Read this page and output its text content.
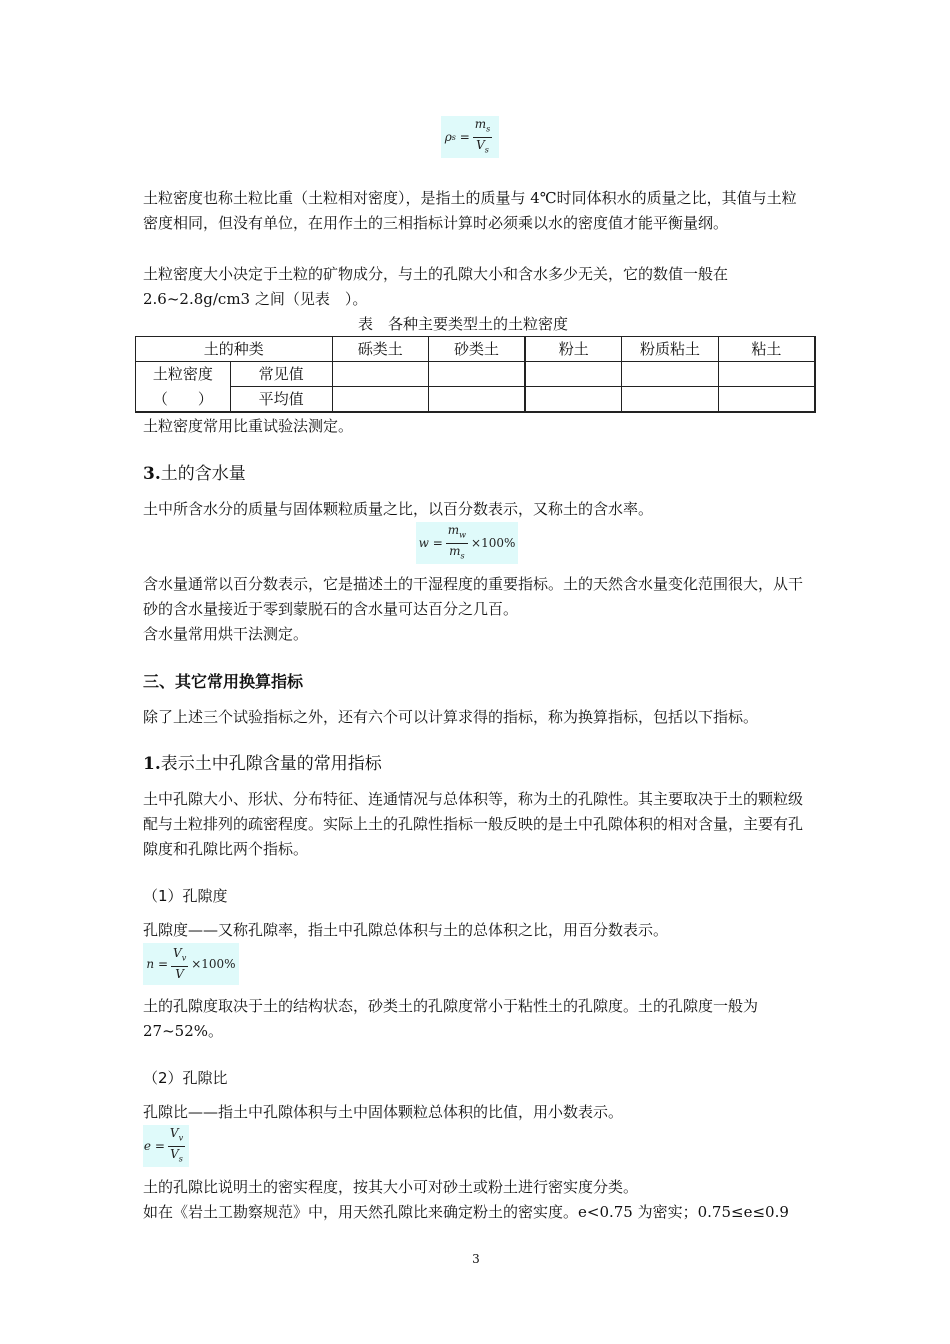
ρ $s = \frac{m_s}{V_s}$
土粒密度也称土粒比重（土粒相对密度），是指土的质量与 4℃时同体积水的质量之比，其值与土粒密度相同，但没有单位，在用作土的三相指标计算时必须乘以水的密度值才能平衡量纲。
土粒密度大小决定于土粒的矿物成分，与土的孔隙大小和含水多少无关，它的数值一般在 2.6~2.8g/cm3 之间（见表　）。
表　各种主要类型土的土粒密度
土的种类		砾类土	砂类土	粉土	粉质粘土	粘土
土粒密度	常见值					
（　　）	平均值					
土粒密度常用比重试验法测定。
3.土的含水量
土中所含水分的质量与固体颗粒质量之比，以百分数表示，又称土的含水率。
$w = \frac{m_w}{m_s} \times 100\%$
含水量通常以百分数表示，它是描述土的干湿程度的重要指标。土的天然含水量变化范围很大，从干砂的含水量接近于零到蒙脱石的含水量可达百分之几百。
含水量常用烘干法测定。
三、其它常用换算指标
除了上述三个试验指标之外，还有六个可以计算求得的指标，称为换算指标，包括以下指标。
1.表示土中孔隙含量的常用指标
土中孔隙大小、形状、分布特征、连通情况与总体积等，称为土的孔隙性。其主要取决于土的颗粒级配与土粒排列的疏密程度。实际上土的孔隙性指标一般反映的是土中孔隙体积的相对含量，主要有孔隙度和孔隙比两个指标。
（1）孔隙度
孔隙度——又称孔隙率，指土中孔隙总体积与土的总体积之比，用百分数表示。
$n = \frac{V_v}{V} \times 100\%$
土的孔隙度取决于土的结构状态，砂类土的孔隙度常小于粘性土的孔隙度。土的孔隙度一般为 27~52%。
（2）孔隙比
孔隙比——指土中孔隙体积与土中固体颗粒总体积的比值，用小数表示。
$e = \frac{V_v}{V_s}$
土的孔隙比说明土的密实程度，按其大小可对砂土或粉土进行密实度分类。
如在《岩土工勘察规范》中，用天然孔隙比来确定粉土的密实度。e<0.75 为密实；0.75≤e≤0.9
3
